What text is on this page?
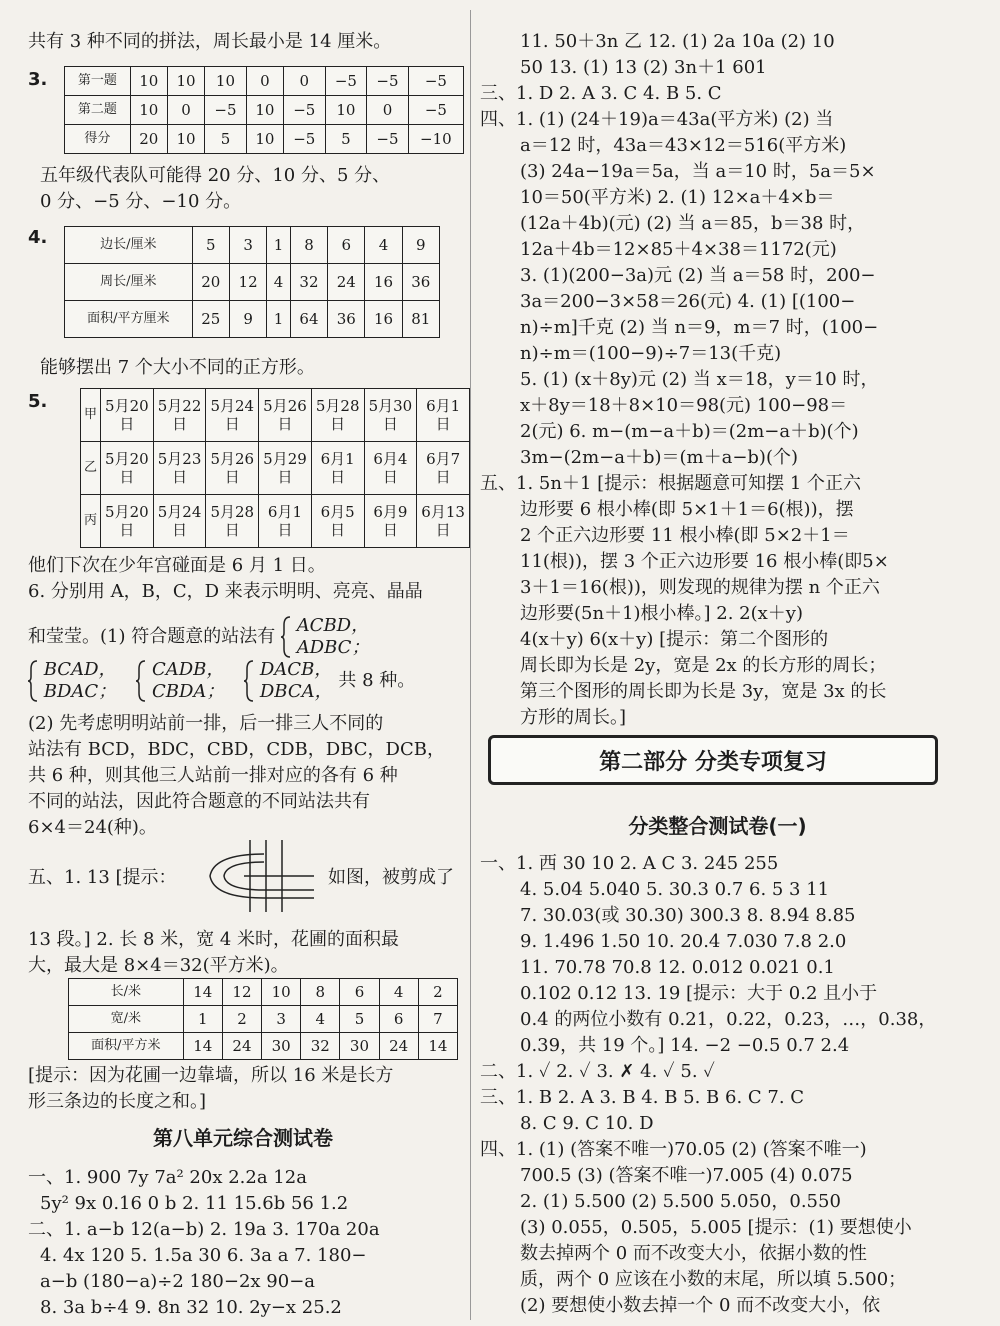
共有 3 种不同的拼法，周长最小是 14 厘米。
3. 第一题	10	10	10	0	0	−5	−5	−5
第二题	10	0	−5	10	−5	10	0	−5
得分	20	10	5	10	−5	5	−5	−10
五年级代表队可能得 20 分、10 分、5 分、
0 分、−5 分、−10 分。
4.	边长/厘米	5	3	1	8	6	4	9
周长/厘米	20	12	4	32	24	16	36
面积/平方厘米	25	9	1	64	36	16	81
能够摆出 7 个大小不同的正方形。
5.
甲	5月20日	5月22日	5月24日	5月26日	5月28日	5月30日	6月1日
乙	5月20日	5月23日	5月26日	5月29日	6月1日	6月4日	6月7日
丙	5月20日	5月24日	5月28日	6月1日	6月5日	6月9日	6月13日
他们下次在少年宫碰面是 6 月 1 日。
6. 分别用 A，B，C，D 来表示明明、亮亮、晶晶
和莹莹。(1) 符合题意的站法有  ACBD，
ADBC；
BCAD，
BDAC；  CADB，
CBDA；  DACB，
DBCA， 共 8 种。
(2) 先考虑明明站前一排，后一排三人不同的
站法有 BCD，BDC，CBD，CDB，DBC，DCB，
共 6 种，则其他三人站前一排对应的各有 6 种
不同的站法，因此符合题意的不同站法共有
6×4＝24(种)。
五、1. 13 [提示：	如图，被剪成了
13 段。] 2. 长 8 米，宽 4 米时，花圃的面积最
大，最大是 8×4＝32(平方米)。
长/米	14	12	10	8	6	4	2
宽/米	1	2	3	4	5	6	7
面积/平方米	14	24	30	32	30	24	14
[提示：因为花圃一边靠墙，所以 16 米是长方
形三条边的长度之和。]
第八单元综合测试卷
一、1. 900 7y 7a² 20x 2.2a 12a
5y² 9x 0.16 0 b 2. 11 15.6b 56 1.2
二、1. a−b 12(a−b) 2. 19a 3. 170a 20a
4. 4x 120 5. 1.5a 30 6. 3a a 7. 180−
a−b (180−a)÷2 180−2x 90−a
8. 3a b÷4 9. 8n 32 10. 2y−x 25.2
11. 50＋3n 乙 12. (1) 2a 10a (2) 10
50 13. (1) 13 (2) 3n＋1 601
三、1. D 2. A 3. C 4. B 5. C
四、1. (1) (24＋19)a＝43a(平方米) (2) 当
a＝12 时，43a＝43×12＝516(平方米)
(3) 24a−19a＝5a，当 a＝10 时，5a＝5×
10＝50(平方米) 2. (1) 12×a＋4×b＝
(12a＋4b)(元) (2) 当 a＝85，b＝38 时，
12a＋4b＝12×85＋4×38＝1172(元)
3. (1)(200−3a)元 (2) 当 a＝58 时，200−
3a＝200−3×58＝26(元) 4. (1) [(100−
n)÷m]千克 (2) 当 n＝9，m＝7 时，(100−
n)÷m＝(100−9)÷7＝13(千克)
5. (1) (x＋8y)元 (2) 当 x＝18，y＝10 时，
x＋8y＝18＋8×10＝98(元) 100−98＝
2(元) 6. m−(m−a＋b)＝(2m−a＋b)(个)
3m−(2m−a＋b)＝(m＋a−b)(个)
五、1. 5n＋1 [提示：根据题意可知摆 1 个正六
边形要 6 根小棒(即 5×1＋1＝6(根))，摆
2 个正六边形要 11 根小棒(即 5×2＋1＝
11(根))，摆 3 个正六边形要 16 根小棒(即5×
3＋1＝16(根))，则发现的规律为摆 n 个正六
边形要(5n＋1)根小棒。] 2. 2(x＋y)
4(x＋y) 6(x＋y) [提示：第二个图形的
周长即为长是 2y，宽是 2x 的长方形的周长；
第三个图形的周长即为长是 3y，宽是 3x 的长
方形的周长。]
第二部分 分类专项复习
分类整合测试卷(一)
一、1. 西 30 10 2. A C 3. 245 255
4. 5.04 5.040 5. 30.3 0.7 6. 5 3 11
7. 30.03(或 30.30) 300.3 8. 8.94 8.85
9. 1.496 1.50 10. 20.4 7.030 7.8 2.0
11. 70.78 70.8 12. 0.012 0.021 0.1
0.102 0.12 13. 19 [提示：大于 0.2 且小于
0.4 的两位小数有 0.21，0.22，0.23，…，0.38，
0.39，共 19 个。] 14. −2 −0.5 0.7 2.4
二、1. ✓ 2. ✓ 3. ✗ 4. ✓ 5. ✓
三、1. B 2. A 3. B 4. B 5. B 6. C 7. C
8. C 9. C 10. D
四、1. (1) (答案不唯一)70.05 (2) (答案不唯一)
700.5 (3) (答案不唯一)7.005 (4) 0.075
2. (1) 5.500 (2) 5.500 5.050，0.550
(3) 0.055，0.505，5.005 [提示：(1) 要想使小
数去掉两个 0 而不改变大小，依据小数的性
质，两个 0 应该在小数的末尾，所以填 5.500；
(2) 要想使小数去掉一个 0 而不改变大小，依
